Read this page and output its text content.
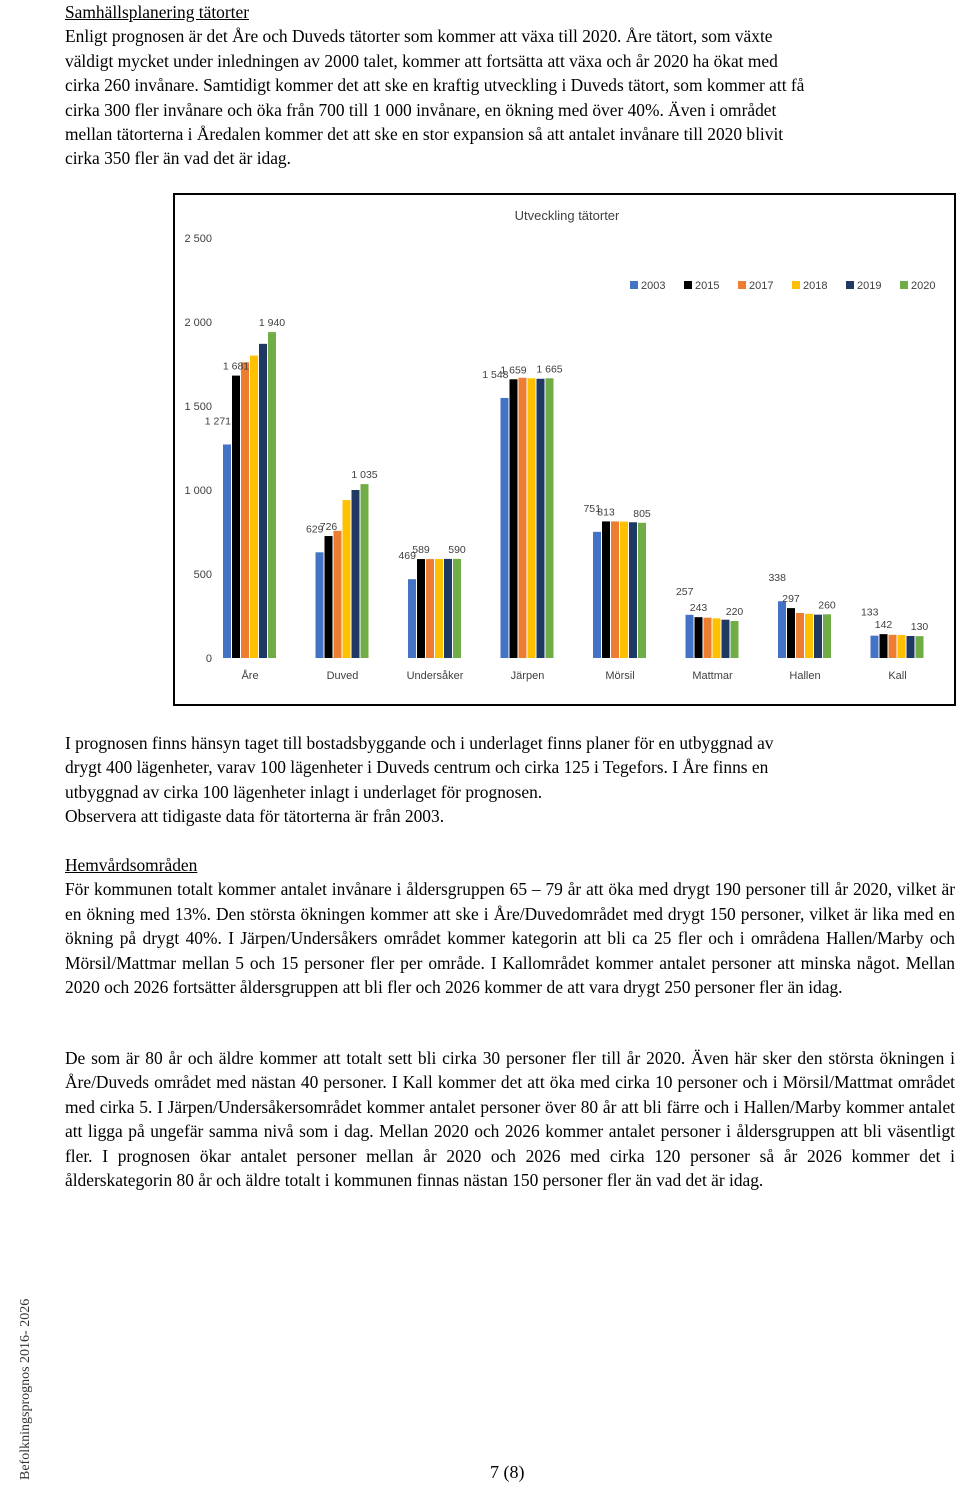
Samhällsplanering tätorter
Enligt prognosen är det Åre och Duveds tätorter som kommer att växa till 2020. Åre tätort, som växte
väldigt mycket under inledningen av 2000 talet, kommer att fortsätta att växa och år 2020 ha ökat med
cirka 260 invånare. Samtidigt kommer det att ske en kraftig utveckling i Duveds tätort, som kommer att få
cirka 300 fler invånare och öka från 700 till 1 000 invånare, en ökning med över 40%. Även i området
mellan tätorterna i Åredalen kommer det att ske en stor expansion så att antalet invånare till 2020 blivit
cirka 350 fler än vad det är idag.
Utveckling tätorter
2003	2015	2017	2018	2019	2020
0
500
1 000
1 500
2 000
2 500
1 271
1 681
1 940
629
726
1 035
469
589 590
1 548
1 659 1 665
751
813 805
257
243 220
338
297
260
133
142 130
Åre	Duved	Undersåker	Järpen	Mörsil	Mattmar	Hallen	Kall
I prognosen finns hänsyn taget till bostadsbyggande och i underlaget finns planer för en utbyggnad av
drygt 400 lägenheter, varav 100 lägenheter i Duveds centrum och cirka 125 i Tegefors. I Åre finns en
utbyggnad av cirka 100 lägenheter inlagt i underlaget för prognosen.
Observera att tidigaste data för tätorterna är från 2003.
Hemvårdsområden

För kommunen totalt kommer antalet invånare i åldersgruppen 65 – 79 år att öka med drygt 190 personer till år 2020, vilket är en ökning med 13%. Den största ökningen kommer att ske i Åre/Duvedområdet med drygt 150 personer, vilket är lika med en ökning på drygt 40%. I Järpen/Undersåkers området kommer kategorin att bli ca 25 fler och i områdena Hallen/Marby och Mörsil/Mattmar mellan 5 och 15 personer fler per område. I Kallområdet kommer antalet personer att minska något. Mellan 2020 och 2026 fortsätter åldersgruppen att bli fler och 2026 kommer de att vara drygt 250 personer fler än idag.

De som är 80 år och äldre kommer att totalt sett bli cirka 30 personer fler till år 2020. Även här sker den största ökningen i Åre/Duveds området med nästan 40 personer. I Kall kommer det att öka med cirka 10 personer och i Mörsil/Mattmat området med cirka 5. I Järpen/Undersåkersområdet kommer antalet personer över 80 år att bli färre och i Hallen/Marby kommer antalet att ligga på ungefär samma nivå som i dag. Mellan 2020 och 2026 kommer antalet personer i åldersgruppen att bli väsentligt fler. I prognosen ökar antalet personer mellan år 2020 och 2026 med cirka 120 personer så år 2026 kommer det i ålderskategorin 80 år och äldre totalt i kommunen finnas nästan 150 personer fler än vad det är idag.

Befolkningsprognos 2016- 2026	7 (8)
